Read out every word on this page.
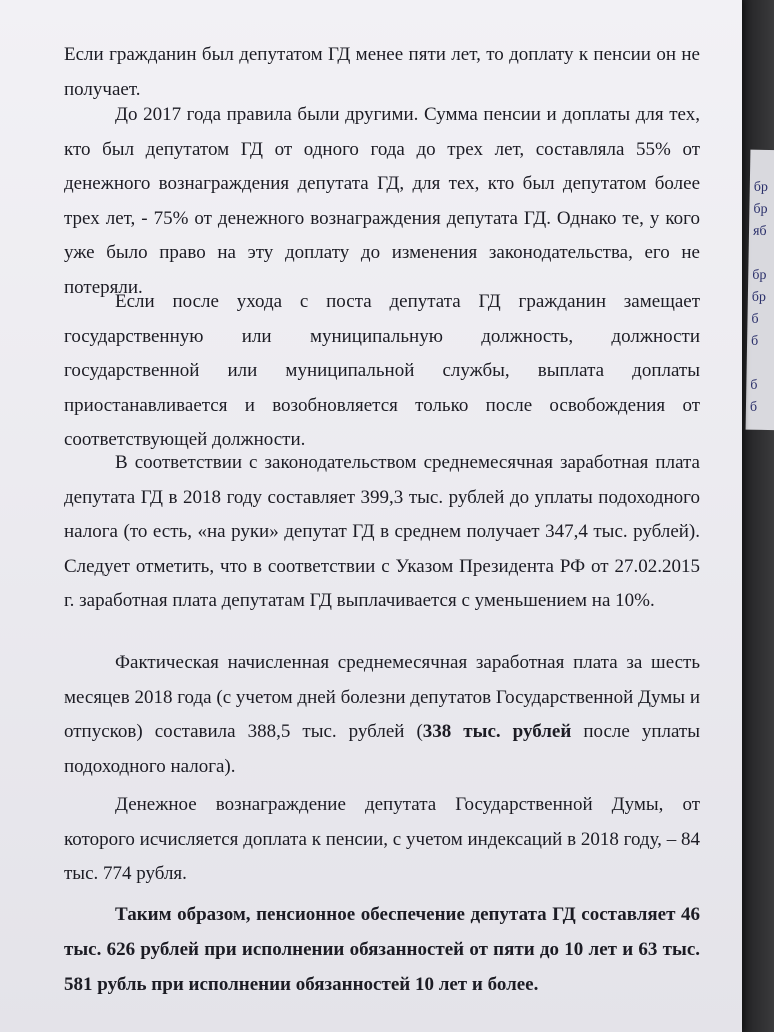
бр
бр
яб
бр
бр
б
б
б
б

Если гражданин был депутатом ГД менее пяти лет, то доплату к пенсии он не получает.

До 2017 года правила были другими. Сумма пенсии и доплаты для тех, кто был депутатом ГД от одного года до трех лет, составляла 55% от денежного вознаграждения депутата ГД, для тех, кто был депутатом более трех лет, - 75% от денежного вознаграждения депутата ГД. Однако те, у кого уже было право на эту доплату до изменения законодательства, его не потеряли.

Если после ухода с поста депутата ГД гражданин замещает государственную или муниципальную должность, должности государственной или муниципальной службы, выплата доплаты приостанавливается и возобновляется только после освобождения от соответствующей должности.

В соответствии с законодательством среднемесячная заработная плата депутата ГД в 2018 году составляет 399,3 тыс. рублей до уплаты подоходного налога (то есть, «на руки» депутат ГД в среднем получает 347,4 тыс. рублей). Следует отметить, что в соответствии с Указом Президента РФ от 27.02.2015 г. заработная плата депутатам ГД выплачивается с уменьшением на 10%.

Фактическая начисленная среднемесячная заработная плата за шесть месяцев 2018 года (с учетом дней болезни депутатов Государственной Думы и отпусков) составила 388,5 тыс. рублей (338 тыс. рублей после уплаты подоходного налога).

Денежное вознаграждение депутата Государственной Думы, от которого исчисляется доплата к пенсии, с учетом индексаций в 2018 году, – 84 тыс. 774 рубля.

Таким образом, пенсионное обеспечение депутата ГД составляет 46 тыс. 626 рублей при исполнении обязанностей от пяти до 10 лет и 63 тыс. 581 рубль при исполнении обязанностей 10 лет и более.
